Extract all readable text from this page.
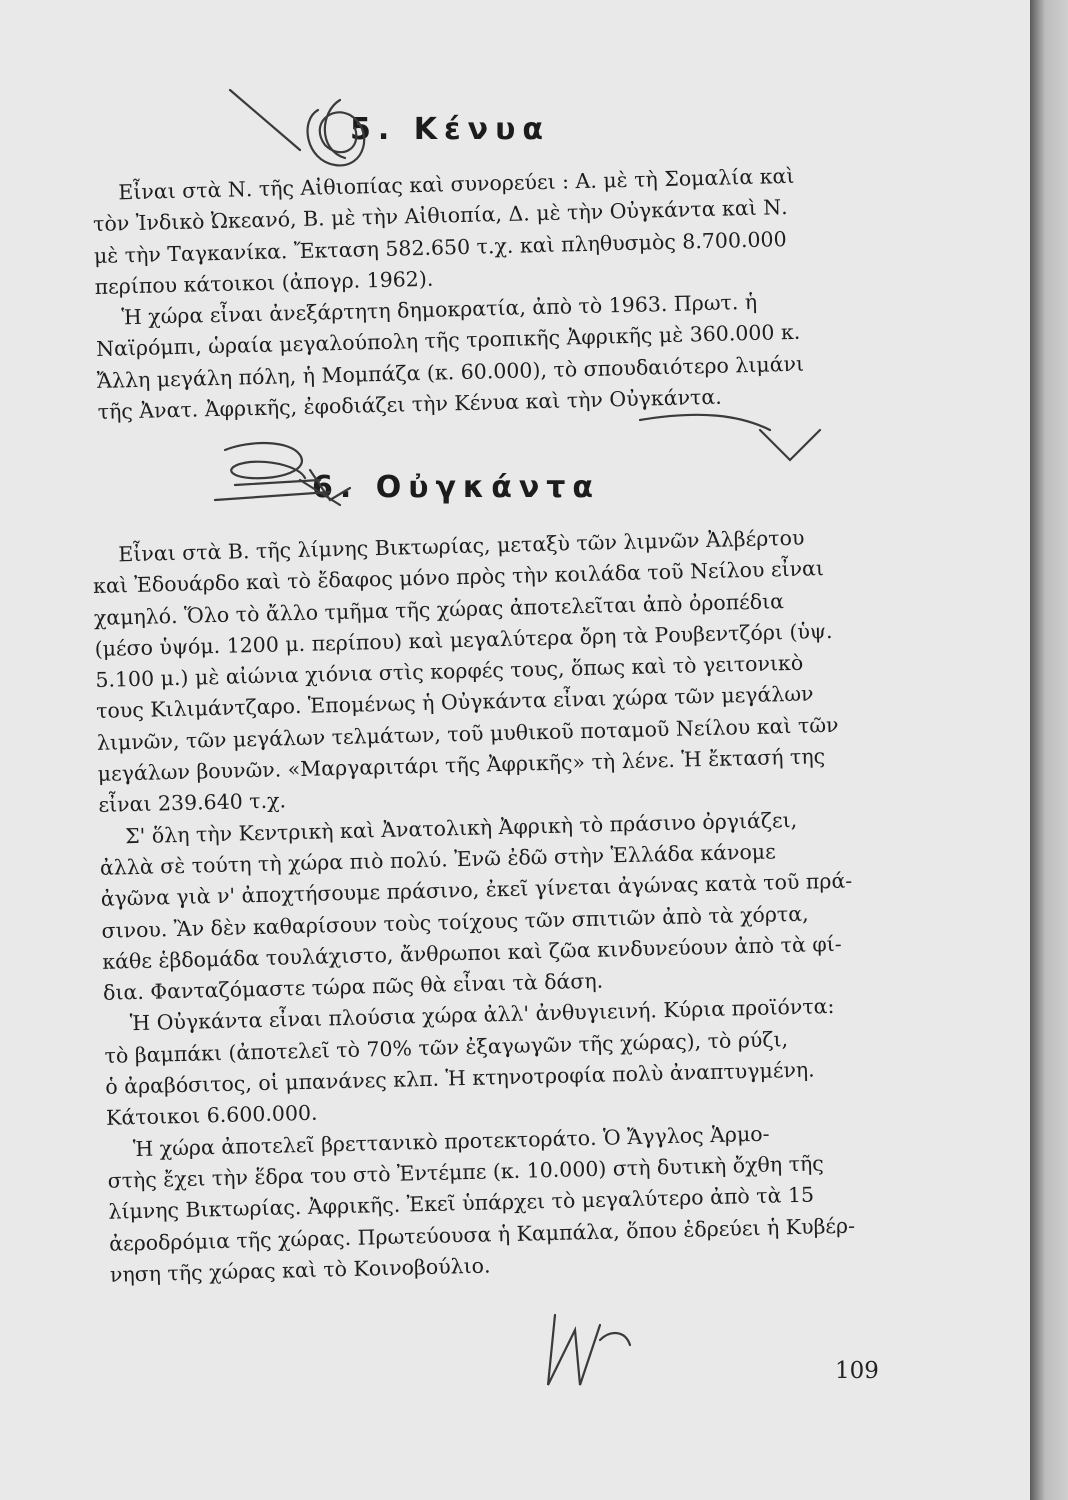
5. Κένυα
Εἶναι στὰ Ν. τῆς Αἰθιοπίας καὶ συνορεύει : Α. μὲ τὴ Σομαλία καὶ
τὸν Ἰνδικὸ Ὠκεανό, Β. μὲ τὴν Αἰθιοπία, Δ. μὲ τὴν Οὐγκάντα καὶ Ν.
μὲ τὴν Ταγκανίκα. Ἔκταση 582.650 τ.χ. καὶ πληθυσμὸς 8.700.000
περίπου κάτοικοι (ἀπογρ. 1962).
Ἡ χώρα εἶναι ἀνεξάρτητη δημοκρατία, ἀπὸ τὸ 1963. Πρωτ. ἡ
Ναϊρόμπι, ὡραία μεγαλούπολη τῆς τροπικῆς Ἀφρικῆς μὲ 360.000 κ.
Ἄλλη μεγάλη πόλη, ἡ Μομπάζα (κ. 60.000), τὸ σπουδαιότερο λιμάνι
τῆς Ἀνατ. Ἀφρικῆς, ἐφοδιάζει τὴν Κένυα καὶ τὴν Οὐγκάντα.
6. Οὐγκάντα
Εἶναι στὰ Β. τῆς λίμνης Βικτωρίας, μεταξὺ τῶν λιμνῶν Ἀλβέρτου
καὶ Ἐδουάρδο καὶ τὸ ἔδαφος μόνο πρὸς τὴν κοιλάδα τοῦ Νείλου εἶναι
χαμηλό. Ὅλο τὸ ἄλλο τμῆμα τῆς χώρας ἀποτελεῖται ἀπὸ ὀροπέδια
(μέσο ὑψόμ. 1200 μ. περίπου) καὶ μεγαλύτερα ὄρη τὰ Ρουβεντζόρι (ὑψ.
5.100 μ.) μὲ αἰώνια χιόνια στὶς κορφές τους, ὅπως καὶ τὸ γειτονικὸ
τους Κιλιμάντζαρο. Ἑπομένως ἡ Οὐγκάντα εἶναι χώρα τῶν μεγάλων
λιμνῶν, τῶν μεγάλων τελμάτων, τοῦ μυθικοῦ ποταμοῦ Νείλου καὶ τῶν
μεγάλων βουνῶν. «Μαργαριτάρι τῆς Ἀφρικῆς» τὴ λένε. Ἡ ἔκτασή της
εἶναι 239.640 τ.χ.
Σ' ὅλη τὴν Κεντρικὴ καὶ Ἀνατολικὴ Ἀφρικὴ τὸ πράσινο ὀργιάζει,
ἀλλὰ σὲ τούτη τὴ χώρα πιὸ πολύ. Ἐνῶ ἐδῶ στὴν Ἑλλάδα κάνομε
ἀγῶνα γιὰ ν' ἀποχτήσουμε πράσινο, ἐκεῖ γίνεται ἀγώνας κατὰ τοῦ πρά-
σινου. Ἂν δὲν καθαρίσουν τοὺς τοίχους τῶν σπιτιῶν ἀπὸ τὰ χόρτα,
κάθε ἑβδομάδα τουλάχιστο, ἄνθρωποι καὶ ζῶα κινδυνεύουν ἀπὸ τὰ φί-
δια. Φανταζόμαστε τώρα πῶς θὰ εἶναι τὰ δάση.
Ἡ Οὐγκάντα εἶναι πλούσια χώρα ἀλλ' ἀνθυγιεινή. Κύρια προϊόντα:
τὸ βαμπάκι (ἀποτελεῖ τὸ 70% τῶν ἐξαγωγῶν τῆς χώρας), τὸ ρύζι,
ὁ ἀραβόσιτος, οἱ μπανάνες κλπ. Ἡ κτηνοτροφία πολὺ ἀναπτυγμένη.
Κάτοικοι 6.600.000.
Ἡ χώρα ἀποτελεῖ βρεττανικὸ προτεκτοράτο. Ὁ Ἄγγλος Ἁρμο-
στὴς ἔχει τὴν ἕδρα του στὸ Ἐντέμπε (κ. 10.000) στὴ δυτικὴ ὄχθη τῆς
λίμνης Βικτωρίας. Ἀφρικῆς. Ἐκεῖ ὑπάρχει τὸ μεγαλύτερο ἀπὸ τὰ 15
ἀεροδρόμια τῆς χώρας. Πρωτεύουσα ἡ Καμπάλα, ὅπου ἑδρεύει ἡ Κυβέρ-
νηση τῆς χώρας καὶ τὸ Κοινοβούλιο.
109
